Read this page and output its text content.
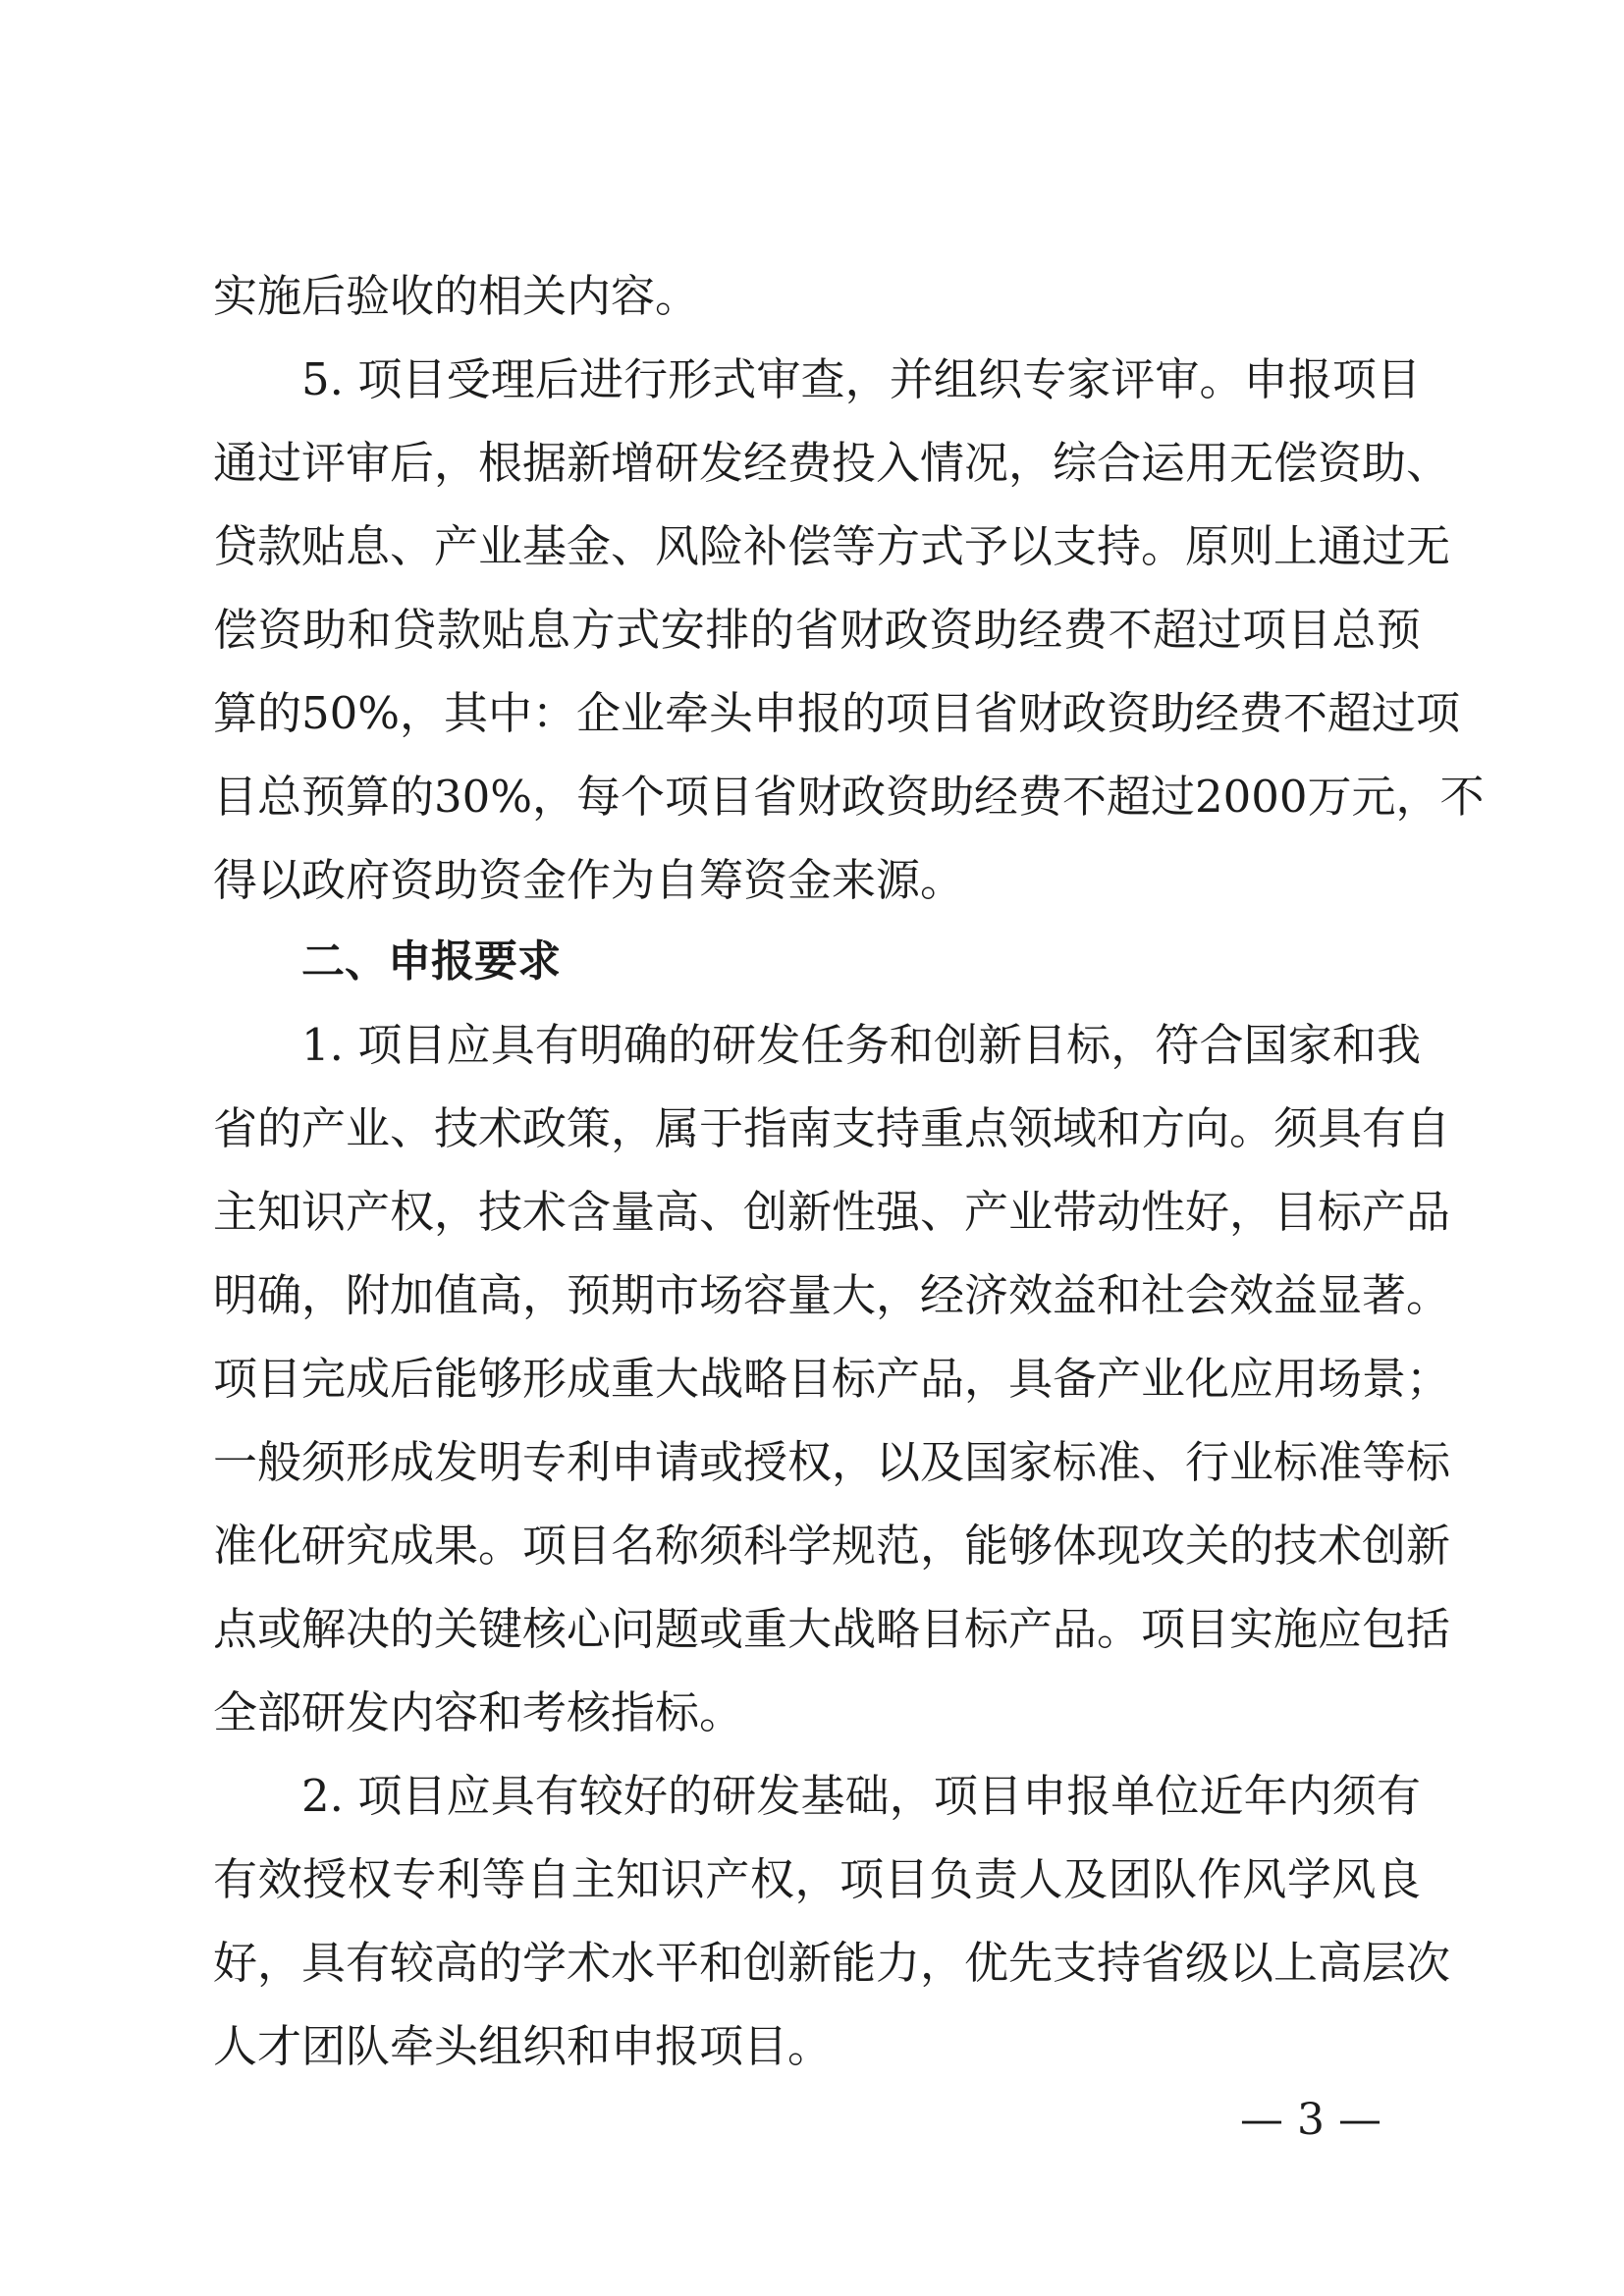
实施后验收的相关内容。
5. 项目受理后进行形式审查，并组织专家评审。申报项目
通过评审后，根据新增研发经费投入情况，综合运用无偿资助、
贷款贴息、产业基金、风险补偿等方式予以支持。原则上通过无
偿资助和贷款贴息方式安排的省财政资助经费不超过项目总预
算的50%，其中：企业牵头申报的项目省财政资助经费不超过项
目总预算的30%，每个项目省财政资助经费不超过2000万元，不
得以政府资助资金作为自筹资金来源。
二、申报要求
1. 项目应具有明确的研发任务和创新目标，符合国家和我
省的产业、技术政策，属于指南支持重点领域和方向。须具有自
主知识产权，技术含量高、创新性强、产业带动性好，目标产品
明确，附加值高，预期市场容量大，经济效益和社会效益显著。
项目完成后能够形成重大战略目标产品，具备产业化应用场景；
一般须形成发明专利申请或授权，以及国家标准、行业标准等标
准化研究成果。项目名称须科学规范，能够体现攻关的技术创新
点或解决的关键核心问题或重大战略目标产品。项目实施应包括
全部研发内容和考核指标。
2. 项目应具有较好的研发基础，项目申报单位近年内须有
有效授权专利等自主知识产权，项目负责人及团队作风学风良
好，具有较高的学术水平和创新能力，优先支持省级以上高层次
人才团队牵头组织和申报项目。
— 3 —
